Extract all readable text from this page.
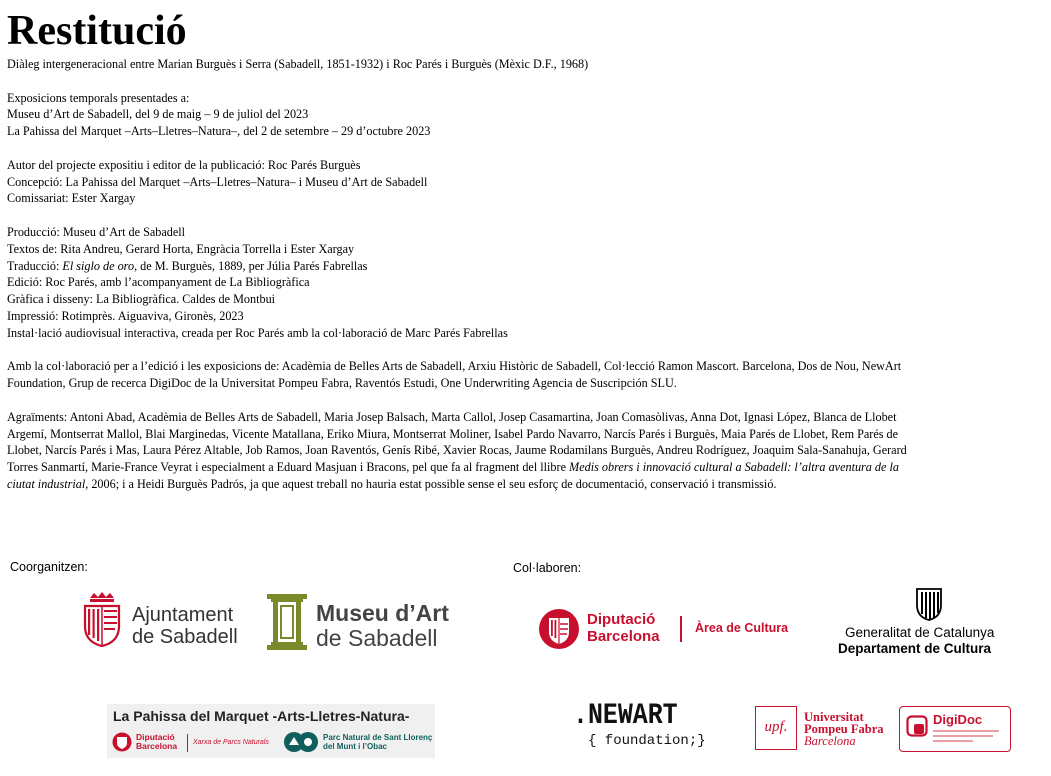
Restitució
Diàleg intergeneracional entre Marian Burguès i Serra (Sabadell, 1851-1932) i Roc Parés i Burguès (Mèxic D.F., 1968)
Exposicions temporals presentades a:
Museu d’Art de Sabadell, del 9 de maig – 9 de juliol del 2023
La Pahissa del Marquet –Arts–Lletres–Natura–, del 2 de setembre – 29 d’octubre 2023
Autor del projecte expositiu i editor de la publicació: Roc Parés Burguès
Concepció: La Pahissa del Marquet –Arts–Lletres–Natura– i Museu d’Art de Sabadell
Comissariat: Ester Xargay
Producció: Museu d’Art de Sabadell
Textos de: Rita Andreu, Gerard Horta, Engràcia Torrella i Ester Xargay
Traducció: El siglo de oro, de M. Burguès, 1889, per Júlia Parés Fabrellas
Edició: Roc Parés, amb l’acompanyament de La Bibliogràfica
Gràfica i disseny: La Bibliogràfica. Caldes de Montbui
Impressió: Rotimprès. Aiguaviva, Gironès, 2023
Instal·lació audiovisual interactiva, creada per Roc Parés amb la col·laboració de Marc Parés Fabrellas

Amb la col·laboració per a l’edició i les exposicions de: Acadèmia de Belles Arts de Sabadell, Arxiu Històric de Sabadell, Col·lecció Ramon Mascort. Barcelona, Dos de Nou, NewArt Foundation, Grup de recerca DigiDoc de la Universitat Pompeu Fabra, Raventós Estudi, One Underwriting Agencia de Suscripción SLU.

Agraïments: Antoni Abad, Acadèmia de Belles Arts de Sabadell, Maria Josep Balsach, Marta Callol, Josep Casamartina, Joan Comasòlivas, Anna Dot, Ignasi López, Blanca de Llobet Argemí, Montserrat Mallol, Blai Marginedas, Vicente Matallana, Eriko Miura, Montserrat Moliner, Isabel Pardo Navarro, Narcís Parés i Burguès, Maia Parés de Llobet, Rem Parés de Llobet, Narcís Parés i Mas, Laura Pérez Altable, Job Ramos, Joan Raventós, Genís Ribé, Xavier Rocas, Jaume Rodamilans Burguès, Andreu Rodríguez, Joaquim Sala-Sanahuja, Gerard Torres Sanmartí, Marie-France Veyrat i especialment a Eduard Masjuan i Bracons, pel que fa al fragment del llibre Medis obrers i innovació cultural a Sabadell: l’altra aventura de la ciutat industrial, 2006; i a Heidi Burguès Padrós, ja que aquest treball no hauria estat possible sense el seu esforç de documentació, conservació i transmissió.

Coorganitzen:	Col·laboren:
Ajuntament
de Sabadell
Museu d’Art
de Sabadell
Diputació
Barcelona	Àrea de Cultura	Generalitat de Catalunya
Departament de Cultura
La Pahissa del Marquet -Arts-Lletres-Natura-
Diputació
Barcelona Xarxa de Parcs Naturals
Parc Natural de Sant Llorenç
del Munt i l’Obac
.NEWART
{ foundation;}
upf.
Universitat
Pompeu Fabra
Barcelona
DigiDoc
